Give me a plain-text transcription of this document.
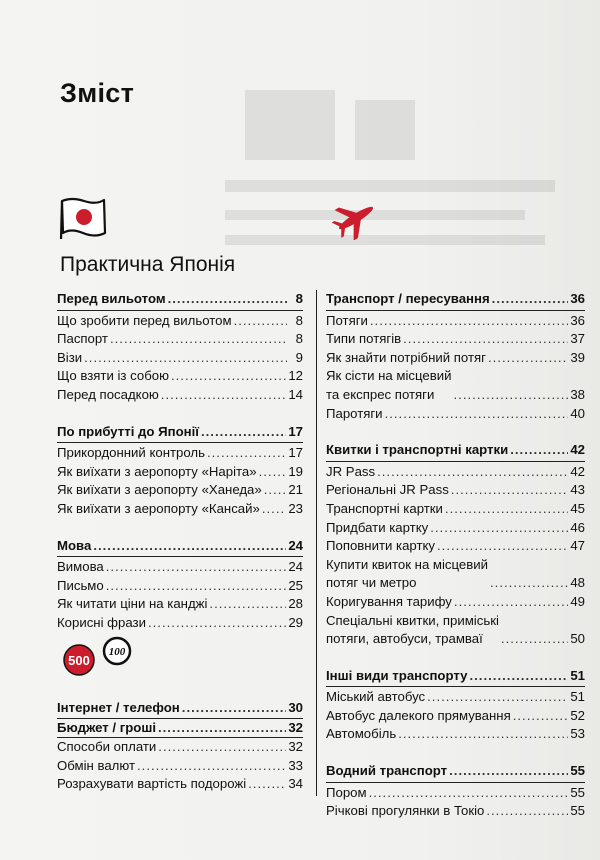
Зміст
Практична Японія
Перед вильотом .....	8
Що зробити перед вильотом .....	8
Паспорт .....	8
Візи .....	9
Що взяти із собою .....	12
Перед посадкою .....	14
По прибутті до Японії .....	17
Прикордонний контроль .....	17
Як виїхати з аеропорту «Наріта» ..... 19
Як виїхати з аеропорту «Ханеда» ..... 21
Як виїхати з аеропорту «Кансай» ..... 23
Мова .....	24
Вимова .....	24
Письмо .....	25
Як читати ціни на канджі .....	28
Корисні фрази .....	29
500
100
Інтернет / телефон .....	30
Бюджет / гроші .....	32
Способи оплати .....	32
Обмін валют .....	33
Розрахувати вартість подорожі .....	34
Транспорт / пересування .....	36
Потяги .....	36
Типи потягів .....	37
Як знайти потрібний потяг .....	39
Як сісти на місцевий
та експрес потяги .....	38
Паротяги .....	40
Квитки і транспортні картки .....	42
JR Pass .....	42
Регіональні JR Pass .....	43
Транспортні картки .....	45
Придбати картку .....	46
Поповнити картку .....	47
Купити квиток на місцевий
потяг чи метро .....	48
Коригування тарифу .....	49
Спеціальні квитки, приміські
потяги, автобуси, трамваї .....	50
Інші види транспорту .....	51
Міський автобус .....	51
Автобус далекого прямування .....	52
Автомобіль .....	53
Водний транспорт .....	55
Пором .....	55
Річкові прогулянки в Токіо .....	55
